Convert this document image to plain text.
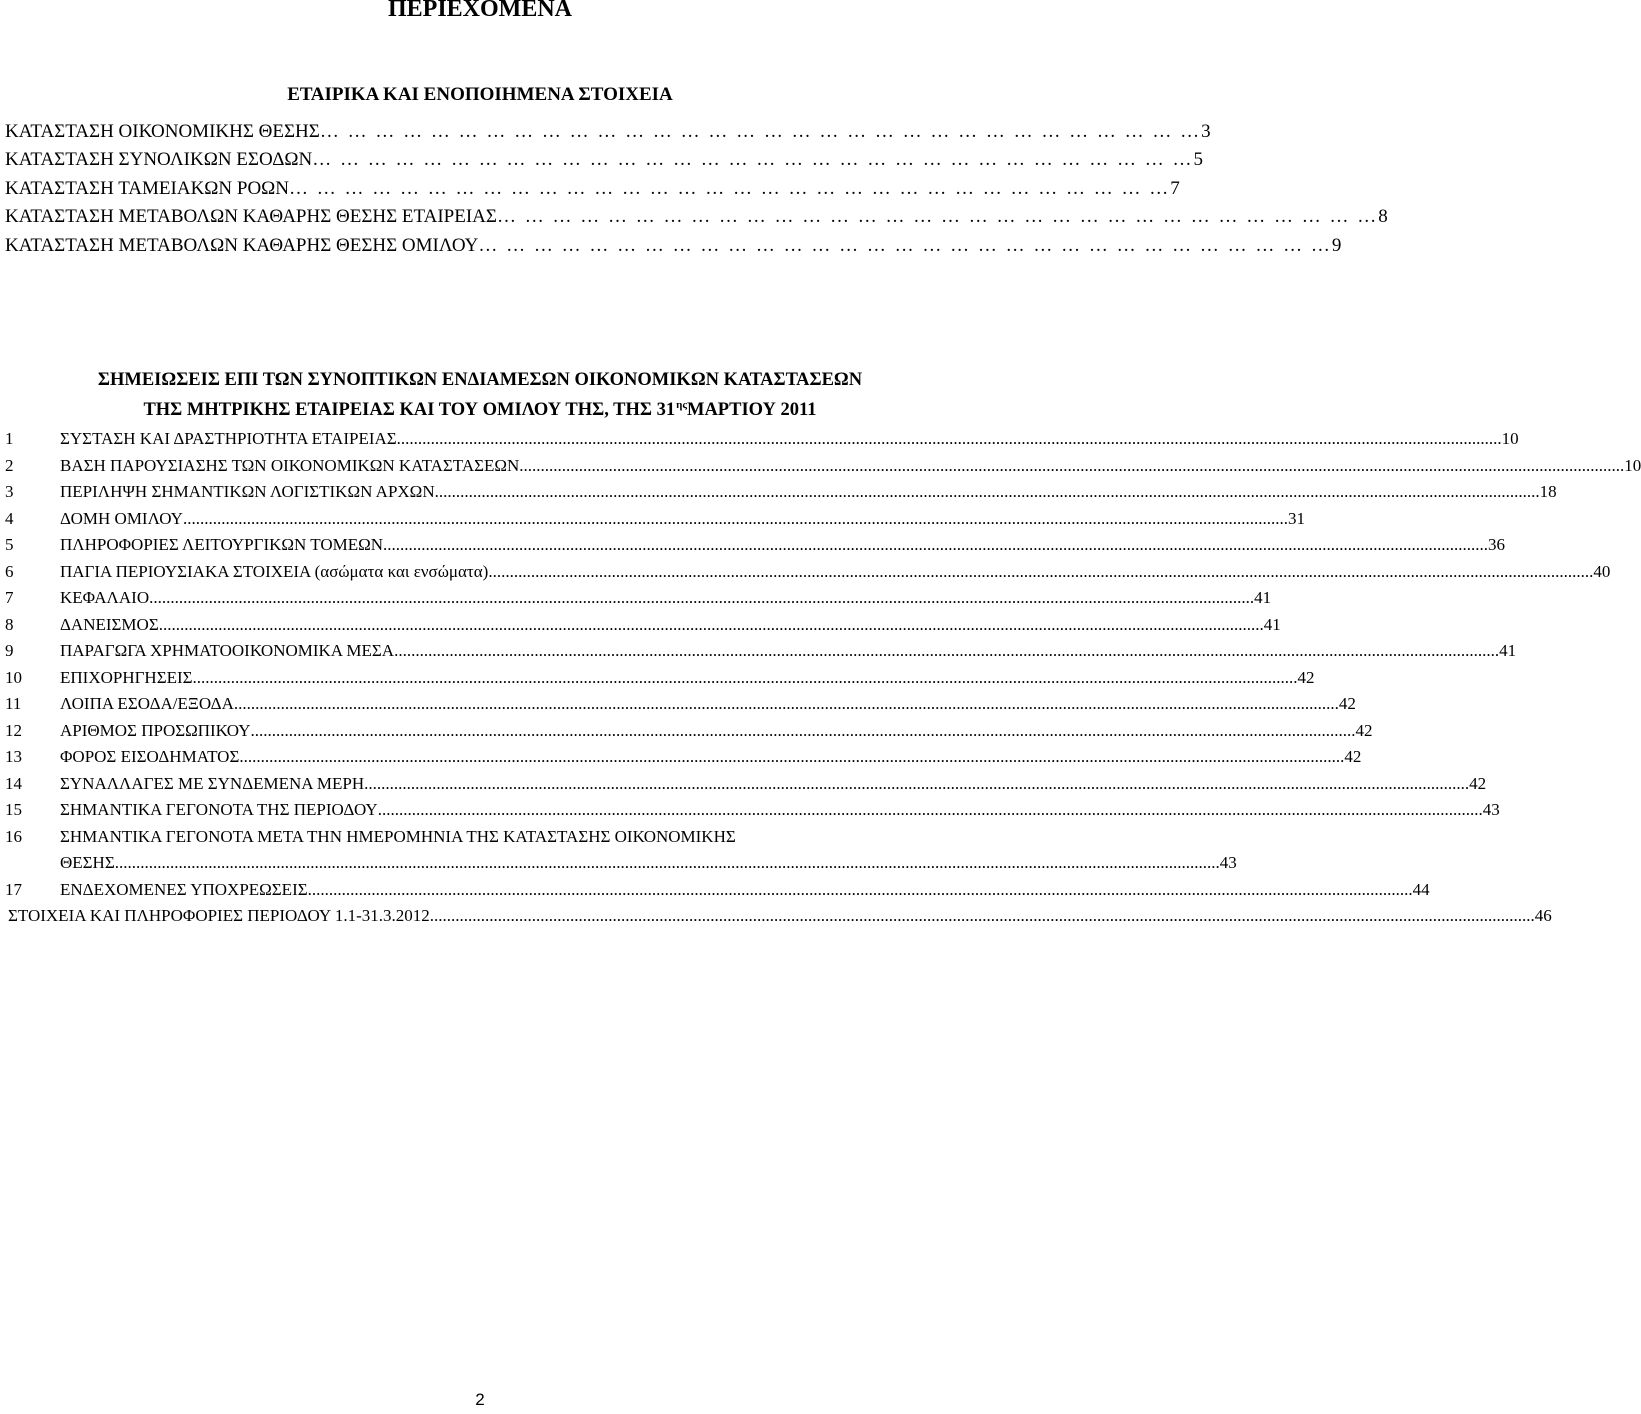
ΠΕΡΙΕΧΟΜΕΝΑ
ΕΤΑΙΡΙΚΑ ΚΑΙ ΕΝΟΠΟΙΗΜΕΝΑ ΣΤΟΙΧΕΙΑ
ΚΑΤΑΣΤΑΣΗ ΟΙΚΟΝΟΜΙΚΗΣ ΘΕΣΗΣ … … … … … … … … … … … … … … … … … … … … … … … … … … … … … … … … 3
ΚΑΤΑΣΤΑΣΗ ΣΥΝΟΛΙΚΩΝ ΕΣΟΔΩΝ … … … … … … … … … … … … … … … … … … … … … … … … … … … … … … … … 5
ΚΑΤΑΣΤΑΣΗ ΤΑΜΕΙΑΚΩΝ ΡΟΩΝ … … … … … … … … … … … … … … … … … … … … … … … … … … … … … … … … 7
ΚΑΤΑΣΤΑΣΗ ΜΕΤΑΒΟΛΩΝ ΚΑΘΑΡΗΣ ΘΕΣΗΣ ΕΤΑΙΡΕΙΑΣ … … … … … … … … … … … … … … … … … … … … … … … … … … … … … … … … 8
ΚΑΤΑΣΤΑΣΗ ΜΕΤΑΒΟΛΩΝ ΚΑΘΑΡΗΣ ΘΕΣΗΣ ΟΜΙΛΟΥ … … … … … … … … … … … … … … … … … … … … … … … … … … … … … … … 9
ΣΗΜΕΙΩΣΕΙΣ ΕΠΙ ΤΩΝ ΣΥΝΟΠΤΙΚΩΝ ΕΝΔΙΑΜΕΣΩΝ ΟΙΚΟΝΟΜΙΚΩΝ ΚΑΤΑΣΤΑΣΕΩΝ
ΤΗΣ ΜΗΤΡΙΚΗΣ ΕΤΑΙΡΕΙΑΣ ΚΑΙ ΤΟΥ ΟΜΙΛΟΥ ΤΗΣ, ΤΗΣ $31^{\eta\varsigma}MAPTIO\Upsilon$ 2011
1	ΣΥΣΤΑΣΗ ΚΑΙ ΔΡΑΣΤΗΡΙΟΤΗΤΑ ΕΤΑΙΡΕΙΑΣ .................................................................................................................................................................................................................................................................... 10
2	ΒΑΣΗ ΠΑΡΟΥΣΙΑΣΗΣ ΤΩΝ ΟΙΚΟΝΟΜΙΚΩΝ ΚΑΤΑΣΤΑΣΕΩΝ .................................................................................................................................................................................................................................................................... 10
3	ΠΕΡΙΛΗΨΗ ΣΗΜΑΝΤΙΚΩΝ ΛΟΓΙΣΤΙΚΩΝ ΑΡΧΩΝ .................................................................................................................................................................................................................................................................... 18
4	ΔΟΜΗ ΟΜΙΛΟΥ .................................................................................................................................................................................................................................................................... 31
5	ΠΛΗΡΟΦΟΡΙΕΣ ΛΕΙΤΟΥΡΓΙΚΩΝ ΤΟΜΕΩΝ .................................................................................................................................................................................................................................................................... 36
6	ΠΑΓΙΑ ΠΕΡΙΟΥΣΙΑΚΑ ΣΤΟΙΧΕΙΑ (ασώματα και ενσώματα) .................................................................................................................................................................................................................................................................... 40
7	ΚΕΦΑΛΑΙΟ .................................................................................................................................................................................................................................................................... 41
8	ΔΑΝΕΙΣΜΟΣ .................................................................................................................................................................................................................................................................... 41
9	ΠΑΡΑΓΩΓΑ ΧΡΗΜΑΤΟΟΙΚΟΝΟΜΙΚΑ ΜΕΣΑ .................................................................................................................................................................................................................................................................... 41
10	ΕΠΙΧΟΡΗΓΗΣΕΙΣ .................................................................................................................................................................................................................................................................... 42
11	ΛΟΙΠΑ ΕΣΟΔΑ/ΕΞΟΔΑ .................................................................................................................................................................................................................................................................... 42
12	ΑΡΙΘΜΟΣ ΠΡΟΣΩΠΙΚΟΥ .................................................................................................................................................................................................................................................................... 42
13	ΦΟΡΟΣ ΕΙΣΟΔΗΜΑΤΟΣ .................................................................................................................................................................................................................................................................... 42
14	ΣΥΝΑΛΛΑΓΕΣ ΜΕ ΣΥΝΔΕΜΕΝΑ ΜΕΡΗ .................................................................................................................................................................................................................................................................... 42
15	ΣΗΜΑΝΤΙΚΑ ΓΕΓΟΝΟΤΑ ΤΗΣ ΠΕΡΙΟΔΟΥ .................................................................................................................................................................................................................................................................... 43
16	ΣΗΜΑΝΤΙΚΑ ΓΕΓΟΝΟΤΑ ΜΕΤΑ ΤΗΝ ΗΜΕΡΟΜΗΝΙΑ ΤΗΣ ΚΑΤΑΣΤΑΣΗΣ ΟΙΚΟΝΟΜΙΚΗΣ
ΘΕΣΗΣ .................................................................................................................................................................................................................................................................... 43
17	ΕΝΔΕΧΟΜΕΝΕΣ ΥΠΟΧΡΕΩΣΕΙΣ .................................................................................................................................................................................................................................................................... 44
ΣΤΟΙΧΕΙΑ ΚΑΙ ΠΛΗΡΟΦΟΡΙΕΣ ΠΕΡΙΟΔΟΥ 1.1-31.3.2012 .................................................................................................................................................................................................................................................................... 46
2
